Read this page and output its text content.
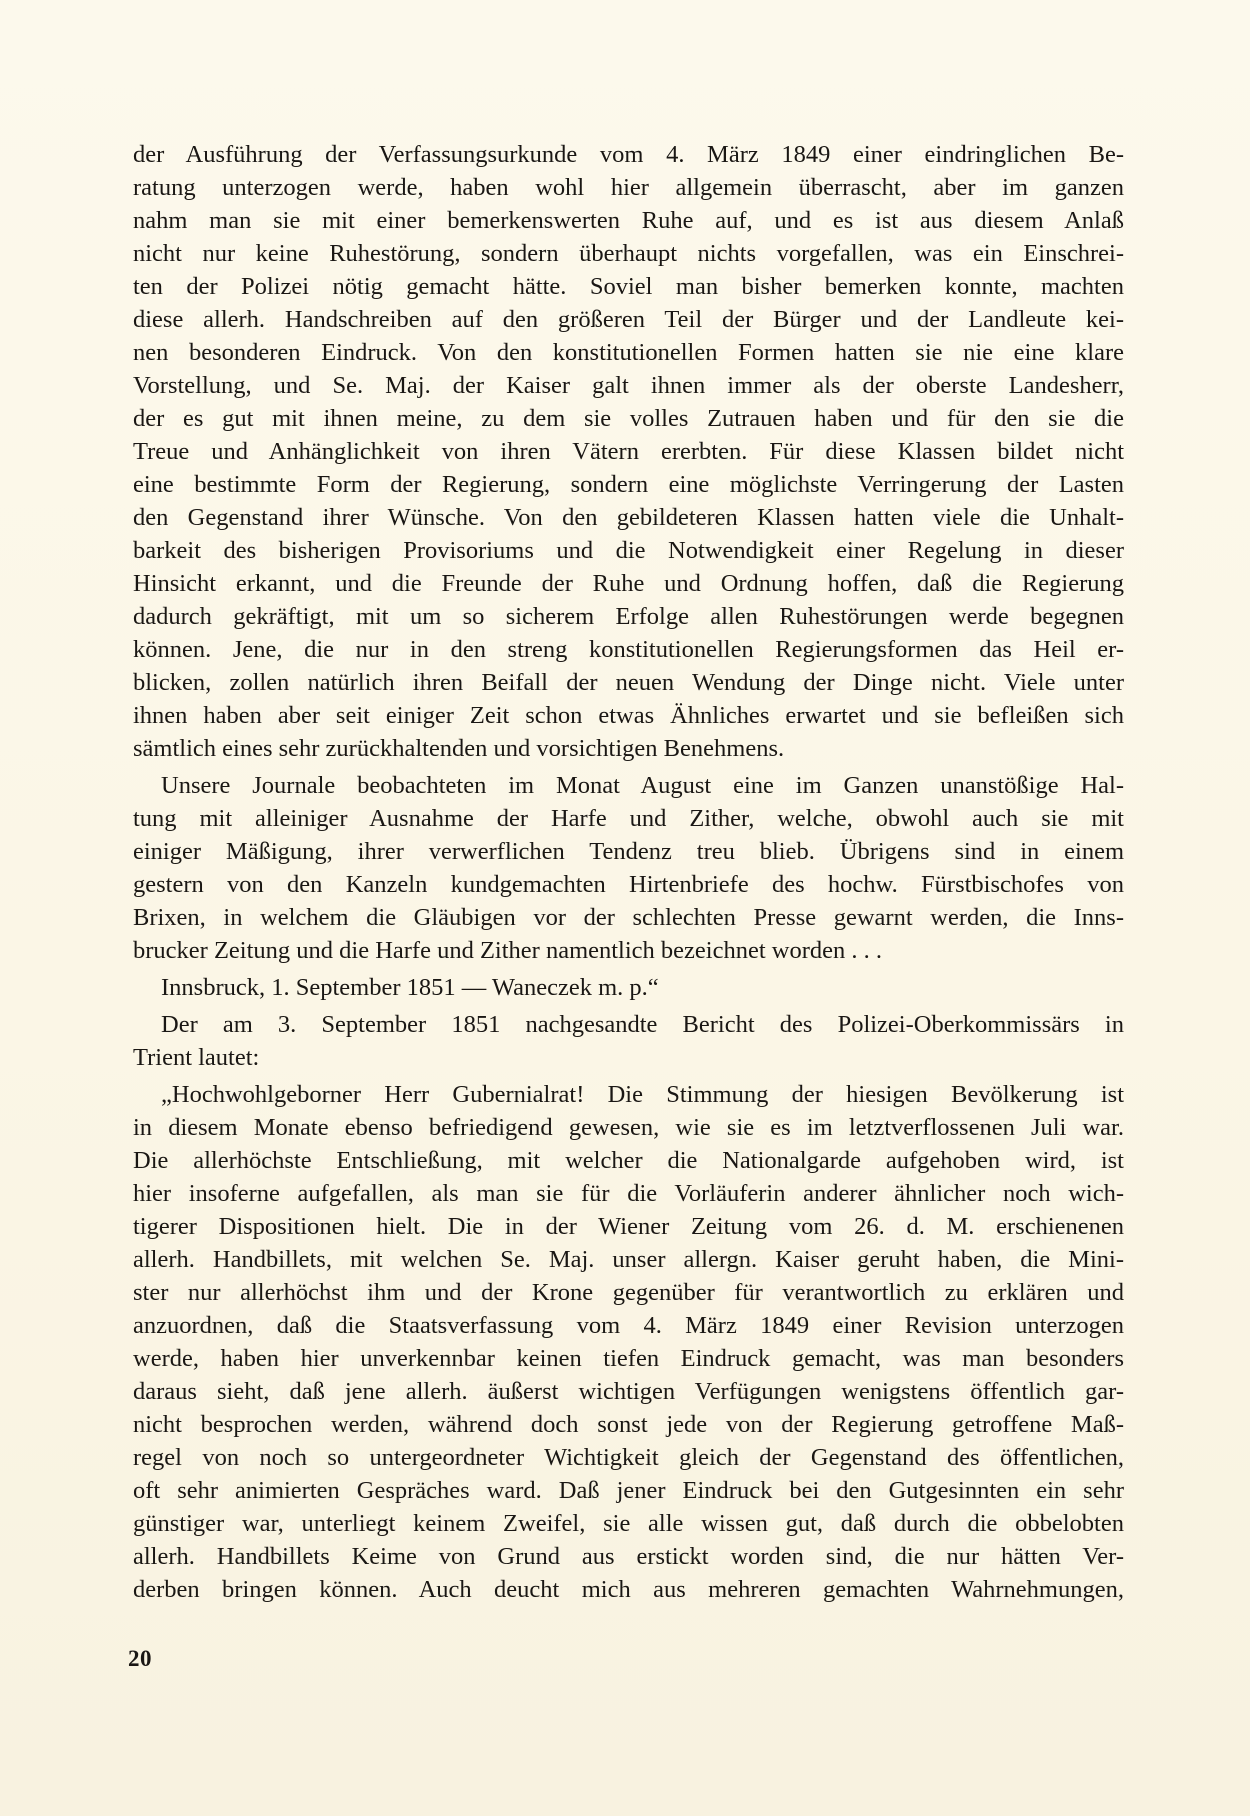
der Ausführung der Verfassungsurkunde vom 4. März 1849 einer eindringlichen Be-
ratung unterzogen werde, haben wohl hier allgemein überrascht, aber im ganzen
nahm man sie mit einer bemerkenswerten Ruhe auf, und es ist aus diesem Anlaß
nicht nur keine Ruhestörung, sondern überhaupt nichts vorgefallen, was ein Einschrei-
ten der Polizei nötig gemacht hätte. Soviel man bisher bemerken konnte, machten
diese allerh. Handschreiben auf den größeren Teil der Bürger und der Landleute kei-
nen besonderen Eindruck. Von den konstitutionellen Formen hatten sie nie eine klare
Vorstellung, und Se. Maj. der Kaiser galt ihnen immer als der oberste Landesherr,
der es gut mit ihnen meine, zu dem sie volles Zutrauen haben und für den sie die
Treue und Anhänglichkeit von ihren Vätern ererbten. Für diese Klassen bildet nicht
eine bestimmte Form der Regierung, sondern eine möglichste Verringerung der Lasten
den Gegenstand ihrer Wünsche. Von den gebildeteren Klassen hatten viele die Unhalt-
barkeit des bisherigen Provisoriums und die Notwendigkeit einer Regelung in dieser
Hinsicht erkannt, und die Freunde der Ruhe und Ordnung hoffen, daß die Regierung
dadurch gekräftigt, mit um so sicherem Erfolge allen Ruhestörungen werde begegnen
können. Jene, die nur in den streng konstitutionellen Regierungsformen das Heil er-
blicken, zollen natürlich ihren Beifall der neuen Wendung der Dinge nicht. Viele unter
ihnen haben aber seit einiger Zeit schon etwas Ähnliches erwartet und sie befleißen sich
sämtlich eines sehr zurückhaltenden und vorsichtigen Benehmens.
Unsere Journale beobachteten im Monat August eine im Ganzen unanstößige Hal-
tung mit alleiniger Ausnahme der Harfe und Zither, welche, obwohl auch sie mit
einiger Mäßigung, ihrer verwerflichen Tendenz treu blieb. Übrigens sind in einem
gestern von den Kanzeln kundgemachten Hirtenbriefe des hochw. Fürstbischofes von
Brixen, in welchem die Gläubigen vor der schlechten Presse gewarnt werden, die Inns-
brucker Zeitung und die Harfe und Zither namentlich bezeichnet worden . . .
Innsbruck, 1. September 1851 — Waneczek m. p.“
Der am 3. September 1851 nachgesandte Bericht des Polizei-Oberkommissärs in
Trient lautet:
„Hochwohlgeborner Herr Gubernialrat! Die Stimmung der hiesigen Bevölkerung ist
in diesem Monate ebenso befriedigend gewesen, wie sie es im letztverflossenen Juli war.
Die allerhöchste Entschließung, mit welcher die Nationalgarde aufgehoben wird, ist
hier insoferne aufgefallen, als man sie für die Vorläuferin anderer ähnlicher noch wich-
tigerer Dispositionen hielt. Die in der Wiener Zeitung vom 26. d. M. erschienenen
allerh. Handbillets, mit welchen Se. Maj. unser allergn. Kaiser geruht haben, die Mini-
ster nur allerhöchst ihm und der Krone gegenüber für verantwortlich zu erklären und
anzuordnen, daß die Staatsverfassung vom 4. März 1849 einer Revision unterzogen
werde, haben hier unverkennbar keinen tiefen Eindruck gemacht, was man besonders
daraus sieht, daß jene allerh. äußerst wichtigen Verfügungen wenigstens öffentlich gar-
nicht besprochen werden, während doch sonst jede von der Regierung getroffene Maß-
regel von noch so untergeordneter Wichtigkeit gleich der Gegenstand des öffentlichen,
oft sehr animierten Gespräches ward. Daß jener Eindruck bei den Gutgesinnten ein sehr
günstiger war, unterliegt keinem Zweifel, sie alle wissen gut, daß durch die obbelobten
allerh. Handbillets Keime von Grund aus erstickt worden sind, die nur hätten Ver-
derben bringen können. Auch deucht mich aus mehreren gemachten Wahrnehmungen,
20
